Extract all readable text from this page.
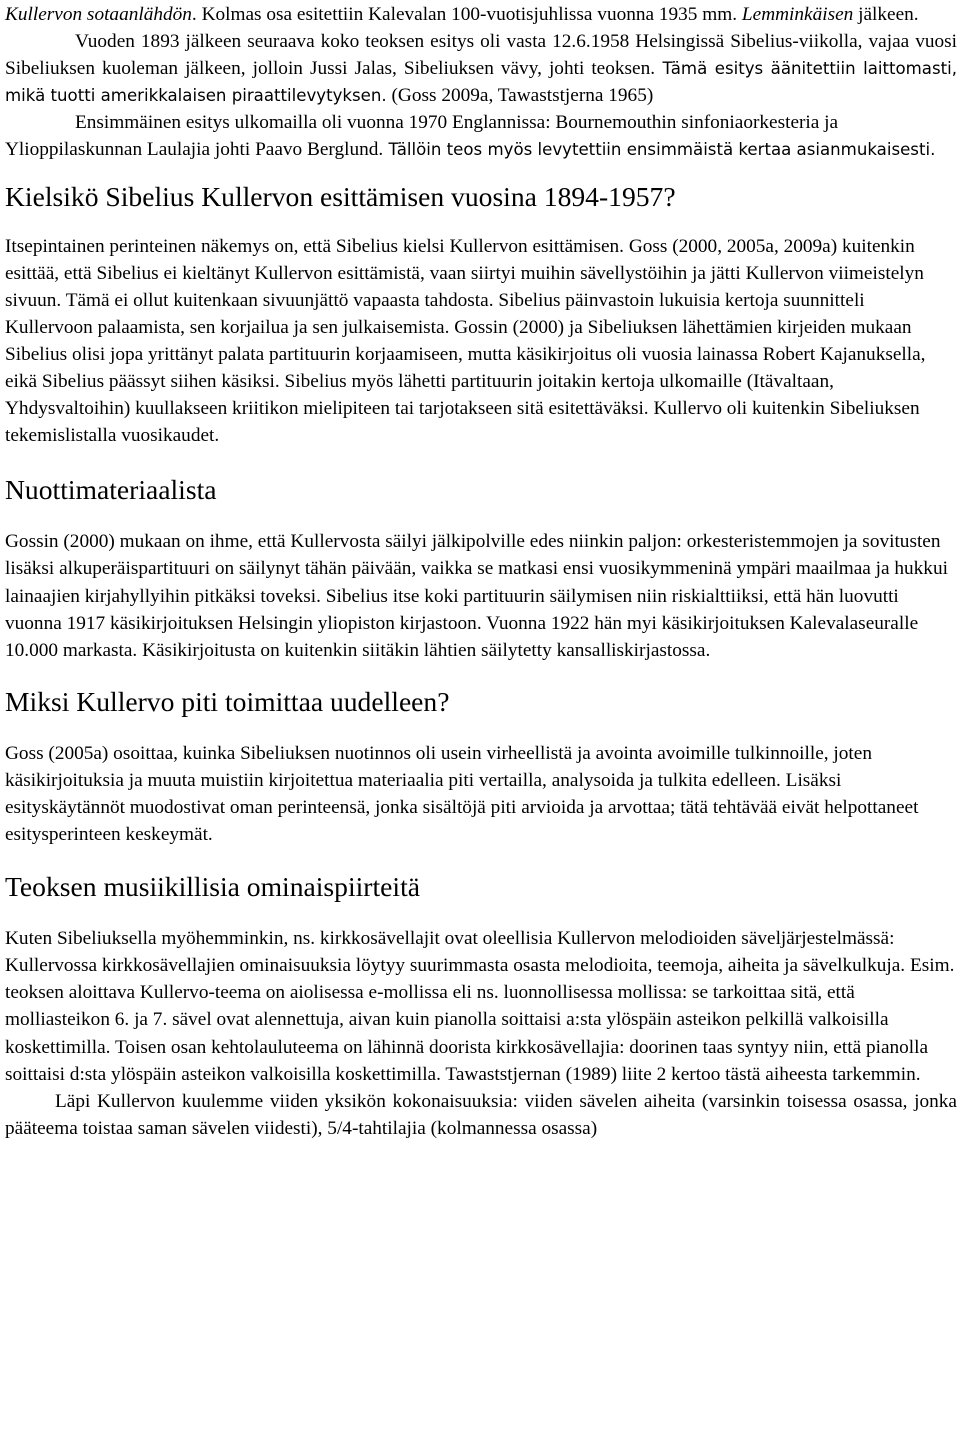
Kullervon sotaanlähdön. Kolmas osa esitettiin Kalevalan 100-vuotisjuhlissa vuonna 1935 mm. Lemminkäisen jälkeen.

Vuoden 1893 jälkeen seuraava koko teoksen esitys oli vasta 12.6.1958 Helsingissä Sibelius-viikolla, vajaa vuosi Sibeliuksen kuoleman jälkeen, jolloin Jussi Jalas, Sibeliuksen vävy, johti teoksen. Tämä esitys äänitettiin laittomasti, mikä tuotti amerikkalaisen piraattilevytyksen. (Goss 2009a, Tawaststjerna 1965)

Ensimmäinen esitys ulkomailla oli vuonna 1970 Englannissa: Bournemouthin sinfoniaorkesteria ja Ylioppilaskunnan Laulajia johti Paavo Berglund. Tällöin teos myös levytettiin ensimmäistä kertaa asianmukaisesti.

Kielsikö Sibelius Kullervon esittämisen vuosina 1894-1957?

Itsepintainen perinteinen näkemys on, että Sibelius kielsi Kullervon esittämisen. Goss (2000, 2005a, 2009a) kuitenkin esittää, että Sibelius ei kieltänyt Kullervon esittämistä, vaan siirtyi muihin sävellystöihin ja jätti Kullervon viimeistelyn sivuun. Tämä ei ollut kuitenkaan sivuunjättö vapaasta tahdosta. Sibelius päinvastoin lukuisia kertoja suunnitteli Kullervoon palaamista, sen korjailua ja sen julkaisemista. Gossin (2000) ja Sibeliuksen lähettämien kirjeiden mukaan Sibelius olisi jopa yrittänyt palata partituurin korjaamiseen, mutta käsikirjoitus oli vuosia lainassa Robert Kajanuksella, eikä Sibelius päässyt siihen käsiksi. Sibelius myös lähetti partituurin joitakin kertoja ulkomaille (Itävaltaan, Yhdysvaltoihin) kuullakseen kriitikon mielipiteen tai tarjotakseen sitä esitettäväksi. Kullervo oli kuitenkin Sibeliuksen tekemislistalla vuosikaudet.

Nuottimateriaalista

Gossin (2000) mukaan on ihme, että Kullervosta säilyi jälkipolville edes niinkin paljon: orkesteristemmojen ja sovitusten lisäksi alkuperäispartituuri on säilynyt tähän päivään, vaikka se matkasi ensi vuosikymmeninä ympäri maailmaa ja hukkui lainaajien kirjahyllyihin pitkäksi toveksi. Sibelius itse koki partituurin säilymisen niin riskialttiiksi, että hän luovutti vuonna 1917 käsikirjoituksen Helsingin yliopiston kirjastoon. Vuonna 1922 hän myi käsikirjoituksen Kalevalaseuralle 10.000 markasta. Käsikirjoitusta on kuitenkin siitäkin lähtien säilytetty kansalliskirjastossa.

Miksi Kullervo piti toimittaa uudelleen?

Goss (2005a) osoittaa, kuinka Sibeliuksen nuotinnos oli usein virheellistä ja avointa avoimille tulkinnoille, joten käsikirjoituksia ja muuta muistiin kirjoitettua materiaalia piti vertailla, analysoida ja tulkita edelleen. Lisäksi esityskäytännöt muodostivat oman perinteensä, jonka sisältöjä piti arvioida ja arvottaa; tätä tehtävää eivät helpottaneet esitysperinteen keskeymät.

Teoksen musiikillisia ominaispiirteitä

Kuten Sibeliuksella myöhemminkin, ns. kirkkosävellajit ovat oleellisia Kullervon melodioiden säveljärjestelmässä: Kullervossa kirkkosävellajien ominaisuuksia löytyy suurimmasta osasta melodioita, teemoja, aiheita ja sävelkulkuja. Esim. teoksen aloittava Kullervo-teema on aiolisessa e-mollissa eli ns. luonnollisessa mollissa: se tarkoittaa sitä, että molliasteikon 6. ja 7. sävel ovat alennettuja, aivan kuin pianolla soittaisi a:sta ylöspäin asteikon pelkillä valkoisilla koskettimilla. Toisen osan kehtolauluteema on lähinnä doorista kirkkosävellajia: doorinen taas syntyy niin, että pianolla soittaisi d:sta ylöspäin asteikon valkoisilla koskettimilla. Tawaststjernan (1989) liite 2 kertoo tästä aiheesta tarkemmin.

Läpi Kullervon kuulemme viiden yksikön kokonaisuuksia: viiden sävelen aiheita (varsinkin toisessa osassa, jonka pääteema toistaa saman sävelen viidesti), 5/4-tahtilajia (kolmannessa osassa)
